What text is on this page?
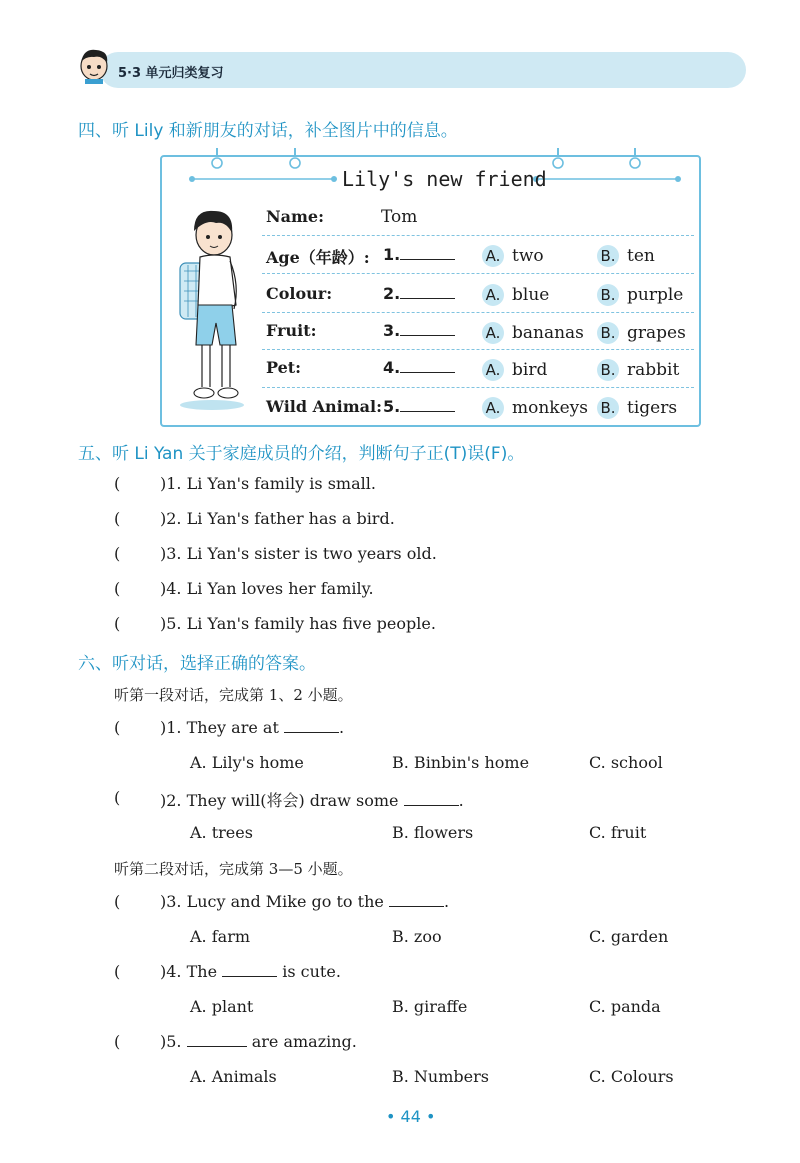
5·3 单元归类复习
四、听 Lily 和新朋友的对话，补全图片中的信息。
Lily's new friend
Name:	Tom
Age（年龄）: 1.	A. two	B. ten
Colour:	2.	A. blue	B. purple
Fruit:	3.	A. bananas B. grapes
Pet:	4.	A. bird	B. rabbit
Wild Animal: 5.	A. monkeys B. tigers
五、听 Li Yan 关于家庭成员的介绍，判断句子正(T)误(F)。
( )1. Li Yan's family is small.
( )2. Li Yan's father has a bird.
( )3. Li Yan's sister is two years old.
( )4. Li Yan loves her family.
( )5. Li Yan's family has five people.
六、听对话，选择正确的答案。
听第一段对话，完成第 1、2 小题。
( )1. They are at	.
A. Lily's home	B. Binbin's home	C. school
( )2. They will(将会) draw some	.
A. trees	B. flowers	C. fruit
听第二段对话，完成第 3—5 小题。
( )3. Lucy and Mike go to the	.
A. farm	B. zoo	C. garden
( )4. The	is cute.
A. plant	B. giraffe	C. panda
( )5.	are amazing.
A. Animals	B. Numbers	C. Colours
• 44 •
